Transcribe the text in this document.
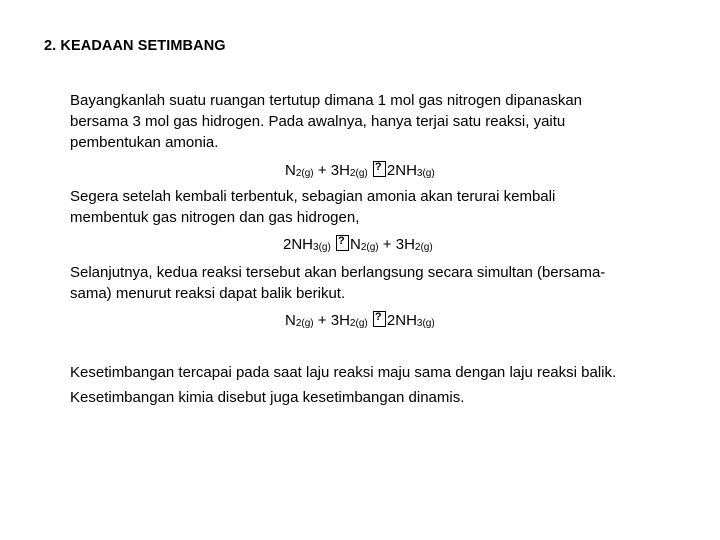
2. KEADAAN SETIMBANG

Bayangkanlah suatu ruangan tertutup dimana 1 mol gas nitrogen dipanaskan
bersama 3 mol gas hidrogen. Pada awalnya, hanya terjai satu reaksi, yaitu
pembentukan amonia.

N2(g) + 3H2(g) ? 2NH3(g)

Segera setelah kembali terbentuk, sebagian amonia akan terurai kembali
membentuk gas nitrogen dan gas hidrogen,

2NH3(g) ? N2(g) + 3H2(g)

Selanjutnya, kedua reaksi tersebut akan berlangsung secara simultan (bersama-
sama) menurut reaksi dapat balik berikut.

N2(g) + 3H2(g) ? 2NH3(g)

Kesetimbangan tercapai pada saat laju reaksi maju sama dengan laju reaksi balik.
Kesetimbangan kimia disebut juga kesetimbangan dinamis.
